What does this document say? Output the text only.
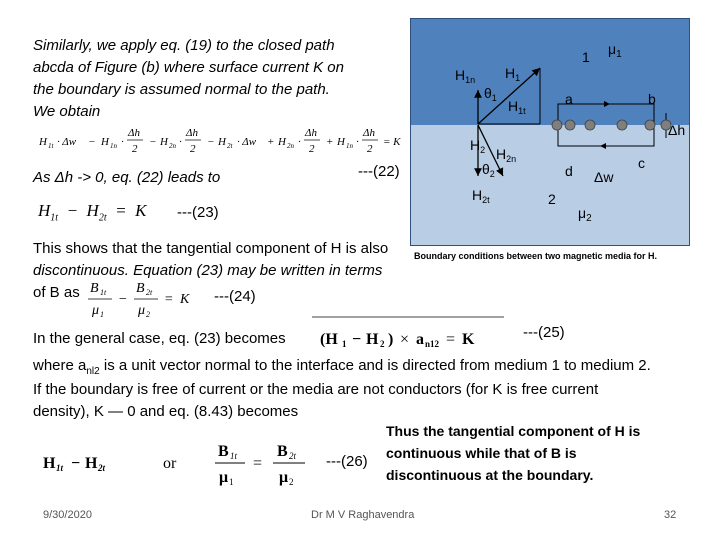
Similarly, we apply eq. (19) to the closed path
abcda of Figure (b) where surface current K on
the boundary is assumed normal to the path.
We obtain
H 1t · Δw − H 1n ·
Δh
2
− H 2n ·
Δh
2
− H 2t · Δw + H 2n ·
Δh
2
+ H 1n ·
Δh
2
= K
As Δh -> 0, eq. (22) leads to	---(22)
$H_{1t} - H_{2t} = K$ ---(23)
This shows that the tangential component of H is also
discontinuous. Equation (23) may be written in terms
of B as B 1t
μ 1
−
B 2t
μ 2
= K ---(24)
In the general case, eq. (23) becomes (H 1 − H 2 ) × a n12 = K	---(25)
where $a_{nl2}$ is a unit vector normal to the interface and is directed from medium 1 to medium 2.
If the boundary is free of current or the media are not conductors (for K is free current
density), K — 0 and eq. (8.43) becomes
H 1t − H 2t	or
B 1t
μ 1
=
B 2t
μ 2
---(26)
Thus the tangential component of H is
continuous while that of B is
discontinuous at the boundary.
1 $\mu_1$
$H_{1n}$ $H_1$
$\theta_1$ $H_{1t}$
$H_2$ $H_{2n}$
$\theta_2$
$H_{2t}$
a	b
c
d
Δh
Δw
2
$\mu_2$
Boundary conditions between two magnetic media for H.
9/30/2020	Dr M V Raghavendra	32
